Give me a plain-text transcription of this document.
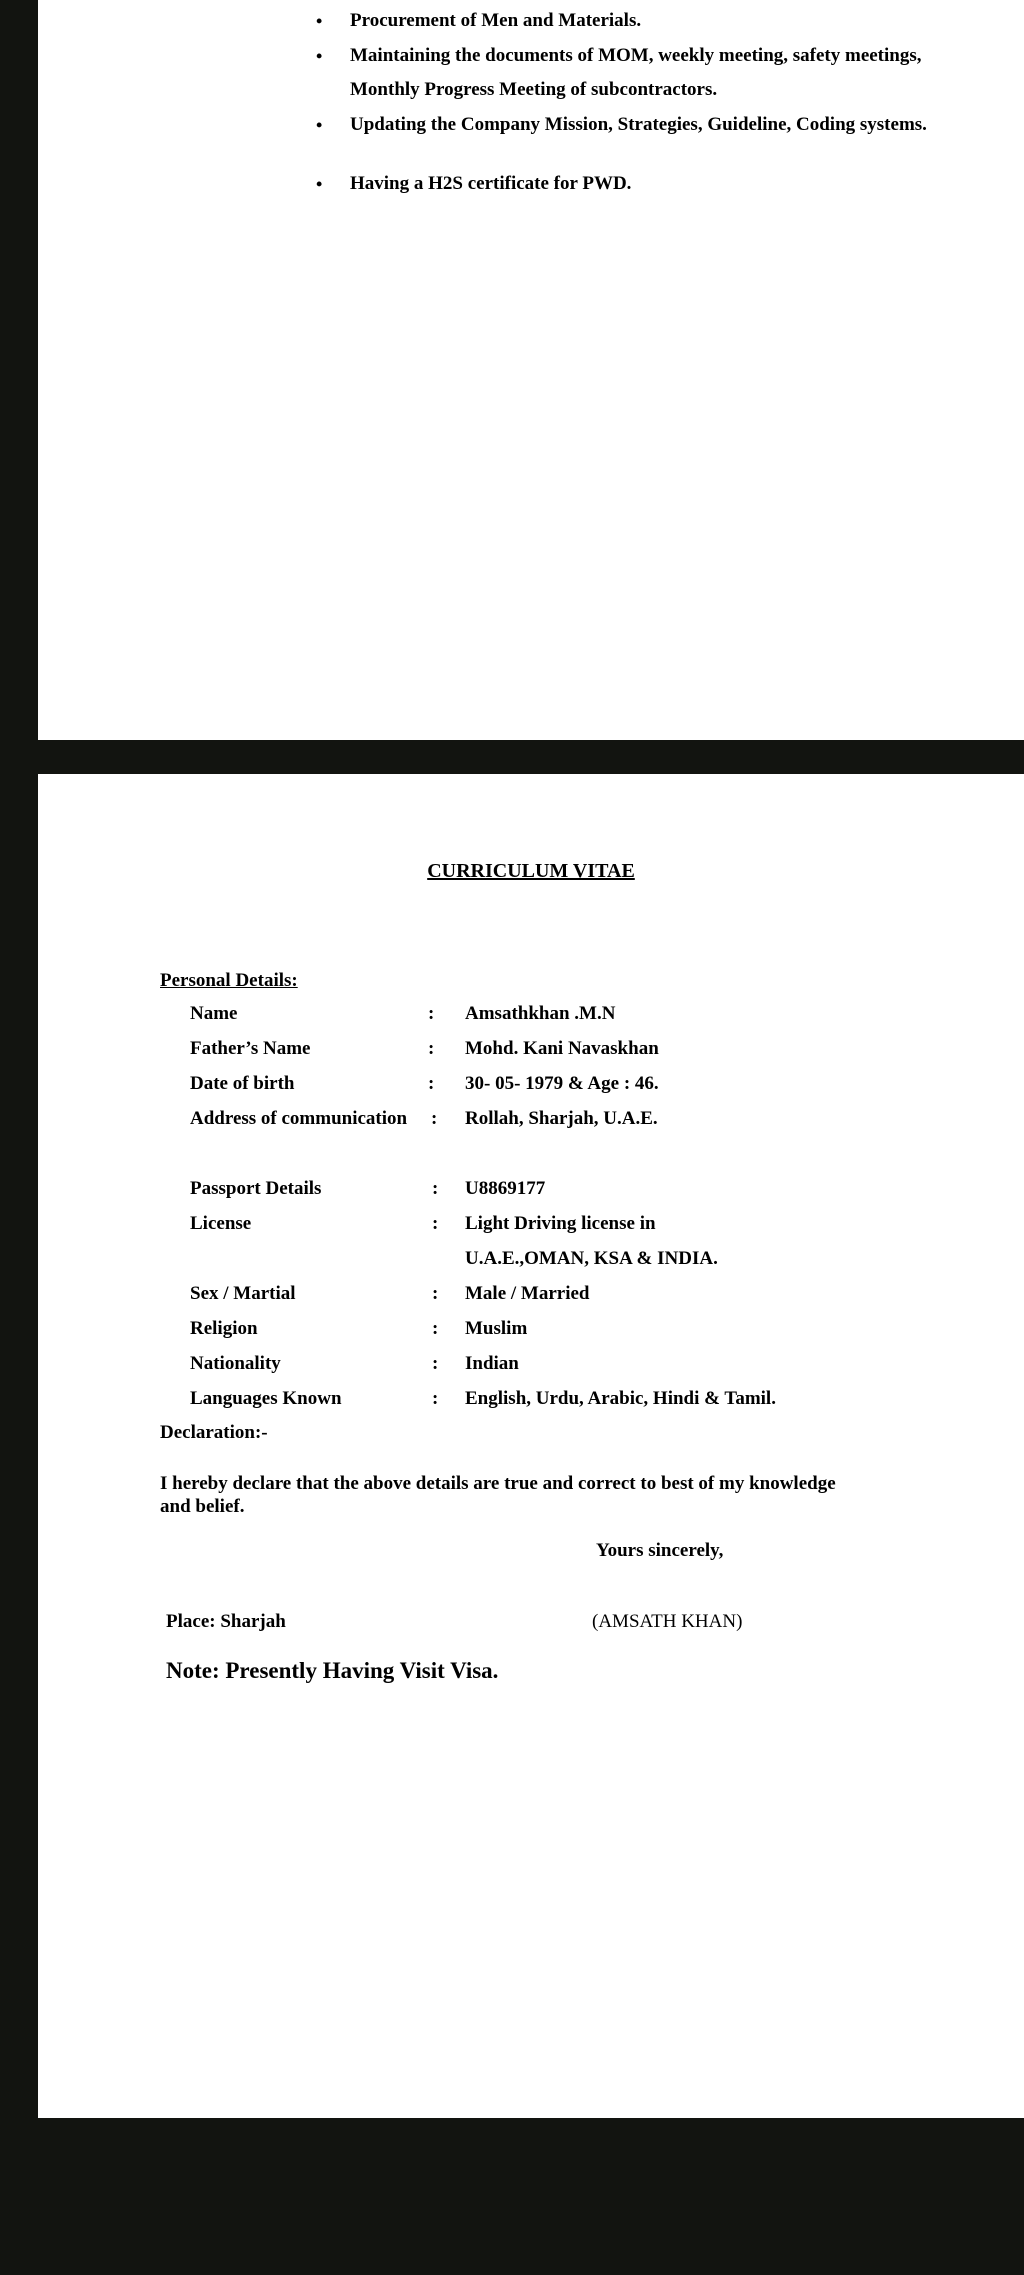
• Procurement of Men and Materials.
• Maintaining the documents of MOM, weekly meeting, safety meetings, Monthly Progress Meeting of subcontractors.
• Updating the Company Mission, Strategies, Guideline, Coding systems.
• Having a H2S certificate for PWD.
CURRICULUM VITAE
Personal Details:
Name	: Amsathkhan .M.N
Father’s Name	: Mohd. Kani Navaskhan
Date of birth	: 30- 05- 1979 & Age : 46.
Address of communication : Rollah, Sharjah, U.A.E.
Passport Details	: U8869177
License	: Light Driving license in
U.A.E.,OMAN, KSA & INDIA.
Sex / Martial	: Male / Married
Religion	: Muslim
Nationality	: Indian
Languages Known	: English, Urdu, Arabic, Hindi & Tamil.
Declaration:-
I hereby declare that the above details are true and correct to best of my knowledge and belief.
Yours sincerely,
Place: Sharjah	(AMSATH KHAN)
Note: Presently Having Visit Visa.
